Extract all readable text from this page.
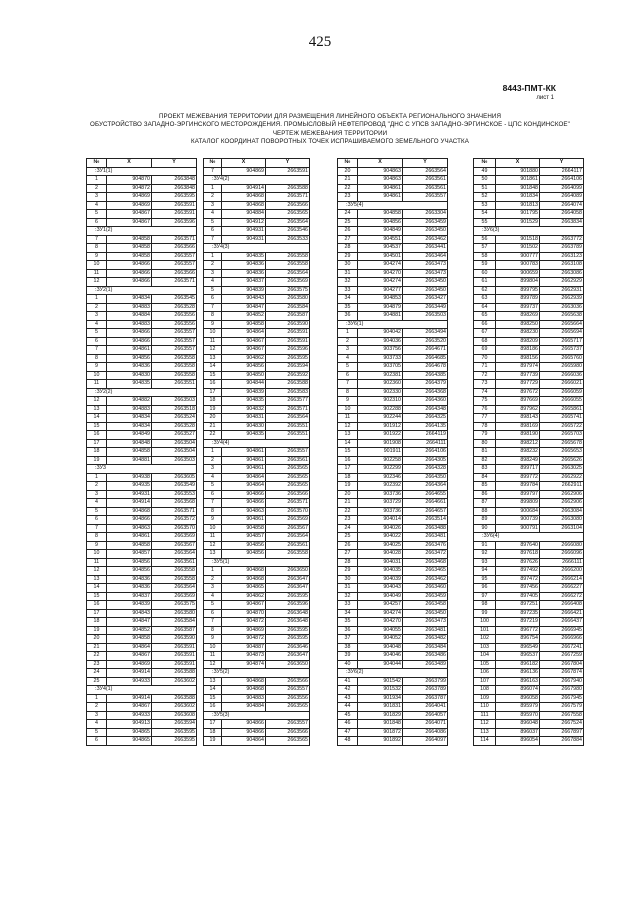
425
8443-ПМТ-КК
лист 1
ПРОЕКТ МЕЖЕВАНИЯ ТЕРРИТОРИИ ДЛЯ РАЗМЕЩЕНИЯ ЛИНЕЙНОГО ОБЪЕКТА РЕГИОНАЛЬНОГО ЗНАЧЕНИЯ
ОБУСТРОЙСТВО ЗАПАДНО-ЭРГИНСКОГО МЕСТОРОЖДЕНИЯ. ПРОМЫСЛОВЫЙ НЕФТЕПРОВОД "ДНС С УПСВ ЗАПАДНО-ЭРГИНСКОЕ - ЦПС КОНДИНСКОЕ"
ЧЕРТЕЖ МЕЖЕВАНИЯ ТЕРРИТОРИИ
КАТАЛОГ КООРДИНАТ ПОВОРОТНЫХ ТОЧЕК ИСПРАШИВАЕМОГО ЗЕМЕЛЬНОГО УЧАСТКА
№	X	Y
:ЗУ1(1)		
1	904870	2663848
2	904872	2663848
3	904869	2663595
4	904869	2663591
5	904867	2663591
6	904867	2663596
:ЗУ1(2)		
7	904858	2663571
8	904858	2663566
9	904858	2663557
10	904866	2663557
11	904866	2663566
12	904866	2663571
:ЗУ2(1)		
1	904834	2663545
2	904883	2663528
3	904884	2663556
4	904883	2663556
5	904866	2663557
6	904866	2663557
7	904861	2663557
8	904856	2663558
9	904836	2663558
10	904830	2663558
11	904835	2663551
:ЗУ2(2)		
12	904882	2663503
13	904883	2663518
14	904834	2663524
15	904834	2663528
16	904849	2663527
17	904848	2663504
18	904858	2663504
19	904881	2663503
:ЗУ3		
1	904938	2663605
2	904935	2663549
3	904931	2663553
4	904914	2663568
5	904868	2663571
6	904866	2663572
7	904863	2663570
8	904861	2663569
9	904858	2663567
10	904857	2663564
11	904856	2663561
12	904856	2663558
13	904836	2663558
14	904836	2663564
15	904837	2663569
16	904839	2663575
17	904843	2663580
18	904847	2663584
19	904852	2663587
20	904858	2663590
21	904864	2663591
22	904867	2663591
23	904869	2663591
24	904914	2663588
25	904933	2663602
:ЗУ4(1)		
1	904914	2663588
2	904867	2663602
3	904933	2663608
4	904913	2663594
5	904865	2663595
6	904865	2663595
№	X	Y
7	904869	2663591
:ЗУ4(2)		
1	904914	2663588
2	904868	2663571
3	904868	2663566
4	904884	2663565
5	904912	2663564
6	904931	2663546
7	904931	2663533
:ЗУ4(3)		
1	904835	2663558
2	904836	2663558
3	904836	2663564
4	904837	2663569
5	904839	2663575
6	904843	2663580
7	904847	2663584
8	904852	2663587
9	904858	2663590
10	904864	2663591
11	904867	2663591
12	904867	2663596
13	904862	2663595
14	904856	2663594
15	904850	2663592
16	904844	2663588
17	904839	2663583
18	904835	2663577
19	904832	2663571
20	904831	2663564
21	904830	2663551
22	904835	2663551
:ЗУ4(4)		
1	904861	2663557
2	904861	2663561
3	904861	2663565
4	904864	2663565
5	904864	2663565
6	904866	2663566
7	904866	2663571
8	904863	2663570
9	904861	2663569
10	904858	2663567
11	904857	2663564
12	904856	2663561
13	904856	2663558
:ЗУ5(1)		
1	904868	2663650
2	904868	2663647
3	904865	2663647
4	904862	2663595
5	904867	2663596
6	904870	2663648
7	904872	2663648
8	904869	2663595
9	904872	2663595
10	904887	2663646
11	904873	2663647
12	904874	2663650
:ЗУ5(2)		
13	904868	2663566
14	904868	2663557
15	904883	2663556
16	904884	2663565
:ЗУ5(3)		
17	904866	2663557
18	904866	2663566
19	904864	2663565
№	X	Y
20	904863	2663564
21	904863	2663561
22	904861	2663561
23	904861	2663557
:ЗУ5(4)		
24	904858	2663304
25	904856	2663459
26	904849	2663450
27	904551	2663462
28	904537	2663441
29	904501	2663464
30	904274	2663473
31	904270	2663473
32	904274	2663450
33	904277	2663450
34	904853	2663427
35	904879	2663449
36	904881	2663503
:ЗУ6(1)		
1	904042	2663494
2	904036	2663520
3	903756	2664671
4	903733	2664685
5	903705	2664678
6	902381	2664385
7	902360	2664379
8	902330	2664368
9	902310	2664360
10	902288	2664348
11	902244	2664325
12	901912	2664135
13	901922	2664119
14	901908	2664111
15	901911	2664106
16	902258	2664305
17	902299	2664328
18	902346	2664350
19	902392	2664364
20	903736	2664655
21	903729	2664661
22	903736	2664657
23	904014	2663514
24	904026	2663488
25	904022	2663481
26	904025	2663476
27	904028	2663472
28	904031	2663468
29	904035	2663465
30	904039	2663462
31	904043	2663460
32	904049	2663459
33	904257	2663458
34	904274	2663450
35	904270	2663473
36	904055	2663481
37	904052	2663482
38	904048	2663484
39	904046	2663486
40	904044	2663489
:ЗУ6(2)		
41	901542	2663799
42	901532	2663789
43	901934	2663787
44	901831	2664041
45	901829	2664057
46	901848	2664071
47	901872	2664086
48	901892	2664097
№	X	Y
49	901880	2664117
50	901861	2664106
51	901848	2664099
52	901834	2664089
53	901813	2664074
54	901795	2664058
55	901529	2663834
:ЗУ6(3)		
56	901518	2663772
57	901502	2663789
58	900777	2663123
59	900783	2663108
60	900659	2663086
61	899804	2662929
62	899795	2662931
63	899789	2662939
64	899737	2663036
65	898269	2665638
66	898250	2665664
67	898230	2665694
68	898209	2665717
69	898186	2665737
70	898156	2665760
71	897974	2665980
72	897739	2666036
73	897729	2666021
74	897672	2666059
75	897669	2666055
76	897962	2665861
77	898143	2665741
78	898169	2665722
79	898190	2665703
80	898212	2665678
81	898232	2665653
82	898249	2665626
83	899717	2663025
84	899772	2662922
85	899784	2662911
86	899797	2662906
87	899809	2662906
88	900684	2663084
89	900739	2663080
90	900791	2663104
:ЗУ6(4)		
91	897640	2666080
92	897618	2666096
93	897626	2666111
94	897492	2666200
95	897472	2666214
96	897456	2666227
97	897405	2666272
98	897251	2666408
99	897235	2666421
100	897219	2666437
101	896772	2666945
102	896754	2666966
103	896549	2667241
104	896537	2667259
105	896182	2667804
106	896136	2667874
107	896163	2667940
108	896074	2667980
109	896058	2667945
110	895979	2667579
111	895970	2667558
112	896048	2667524
113	896037	2667897
114	896054	2667884
